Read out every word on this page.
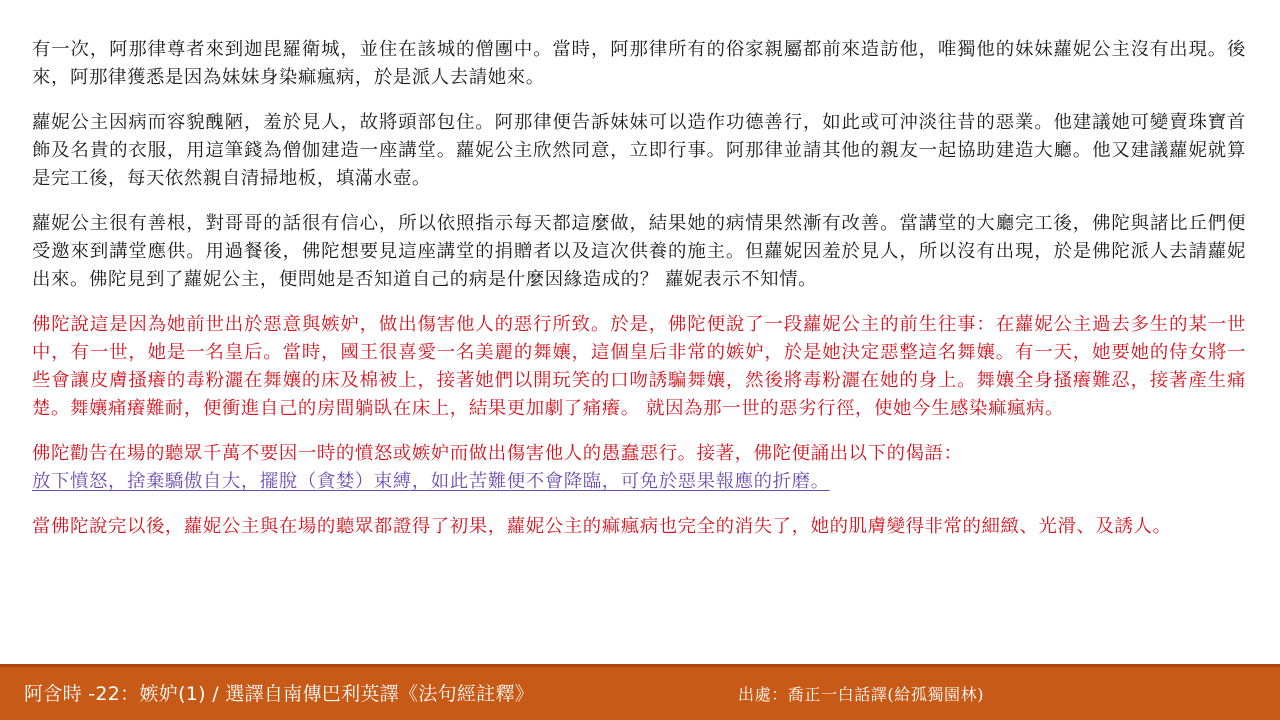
有一次，阿那律尊者來到迦毘羅衛城，並住在該城的僧團中。當時，阿那律所有的俗家親屬都前來造訪他，唯獨他的妹妹蘿妮公主沒有出現。後來，阿那律獲悉是因為妹妹身染痲瘋病，於是派人去請她來。

蘿妮公主因病而容貌醜陋，羞於見人，故將頭部包住。阿那律便告訴妹妹可以造作功德善行，如此或可沖淡往昔的惡業。他建議她可變賣珠寶首飾及名貴的衣服，用這筆錢為僧伽建造一座講堂。蘿妮公主欣然同意，立即行事。阿那律並請其他的親友一起協助建造大廳。他又建議蘿妮就算是完工後，每天依然親自清掃地板，填滿水壺。

蘿妮公主很有善根，對哥哥的話很有信心，所以依照指示每天都這麼做，結果她的病情果然漸有改善。當講堂的大廳完工後，佛陀與諸比丘們便受邀來到講堂應供。用過餐後，佛陀想要見這座講堂的捐贈者以及這次供養的施主。但蘿妮因羞於見人，所以沒有出現，於是佛陀派人去請蘿妮出來。佛陀見到了蘿妮公主，便問她是否知道自己的病是什麼因緣造成的？ 蘿妮表示不知情。

佛陀說這是因為她前世出於惡意與嫉妒，做出傷害他人的惡行所致。於是，佛陀便說了一段蘿妮公主的前生往事：在蘿妮公主過去多生的某一世中，有一世，她是一名皇后。當時，國王很喜愛一名美麗的舞孃，這個皇后非常的嫉妒，於是她決定惡整這名舞孃。有一天，她要她的侍女將一些會讓皮膚搔癢的毒粉灑在舞孃的床及棉被上，接著她們以開玩笑的口吻誘騙舞孃，然後將毒粉灑在她的身上。舞孃全身搔癢難忍，接著產生痛楚。舞孃痛癢難耐，便衝進自己的房間躺臥在床上，結果更加劇了痛癢。 就因為那一世的惡劣行徑，使她今生感染痲瘋病。

佛陀勸告在場的聽眾千萬不要因一時的憤怒或嫉妒而做出傷害他人的愚蠢惡行。接著，佛陀便誦出以下的偈語：
放下憤怒，捨棄驕傲自大，擺脫（貪婪）束縛，如此苦難便不會降臨，可免於惡果報應的折磨。

當佛陀說完以後，蘿妮公主與在場的聽眾都證得了初果，蘿妮公主的痲瘋病也完全的消失了，她的肌膚變得非常的細緻、光滑、及誘人。

阿含時 -22：嫉妒(1) / 選譯自南傳巴利英譯《法句經註釋》	出處：喬正一白話譯(給孤獨園林)
